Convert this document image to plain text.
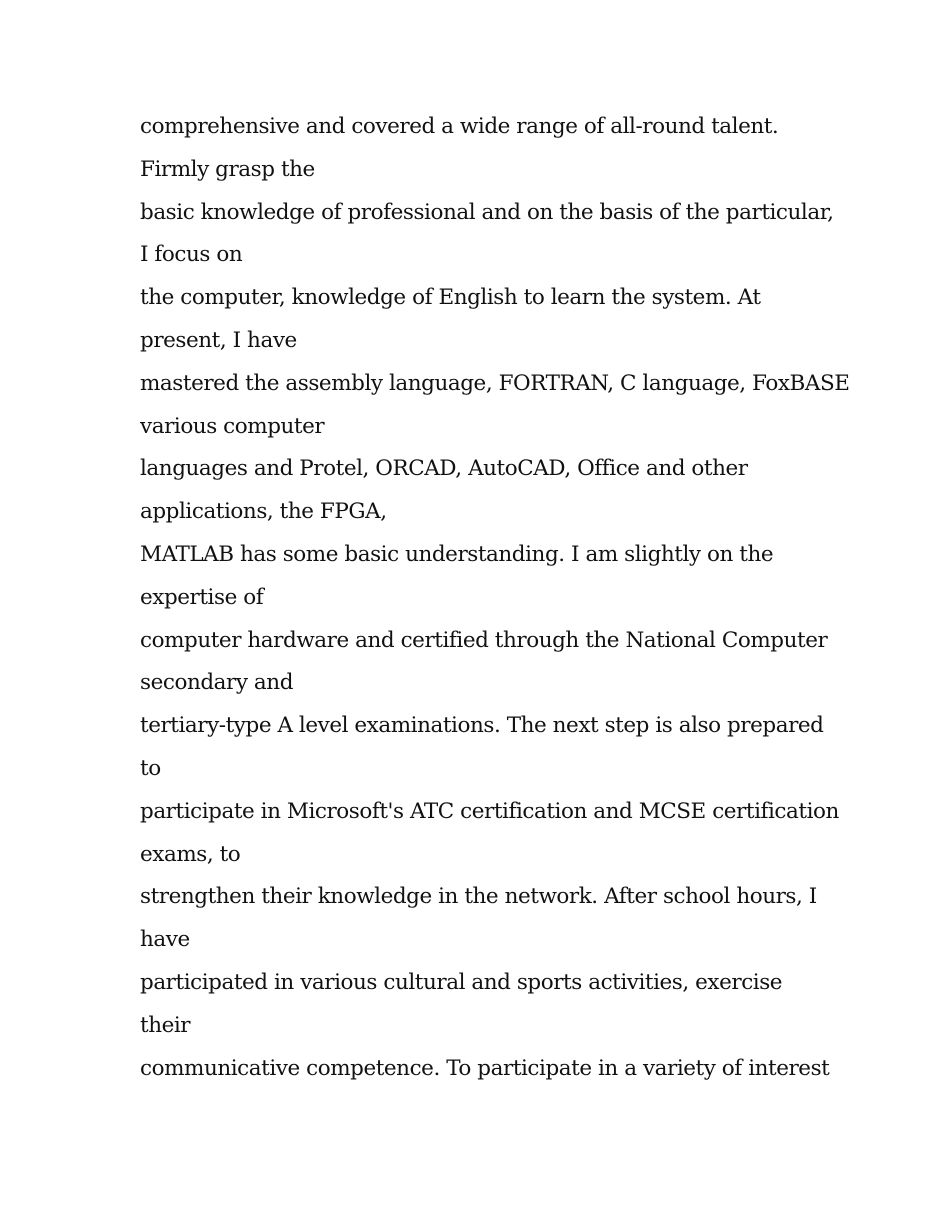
comprehensive and covered a wide range of all-round talent.

Firmly grasp the

basic knowledge of professional and on the basis of the particular,

I focus on

the computer, knowledge of English to learn the system. At

present, I have

mastered the assembly language, FORTRAN, C language, FoxBASE

various computer

languages and Protel, ORCAD, AutoCAD, Office and other

applications, the FPGA,

MATLAB has some basic understanding. I am slightly on the

expertise of

computer hardware and certified through the National Computer

secondary and

tertiary-type A level examinations. The next step is also prepared

to

participate in Microsoft's ATC certification and MCSE certification

exams, to

strengthen their knowledge in the network. After school hours, I

have

participated in various cultural and sports activities, exercise

their

communicative competence. To participate in a variety of interest
